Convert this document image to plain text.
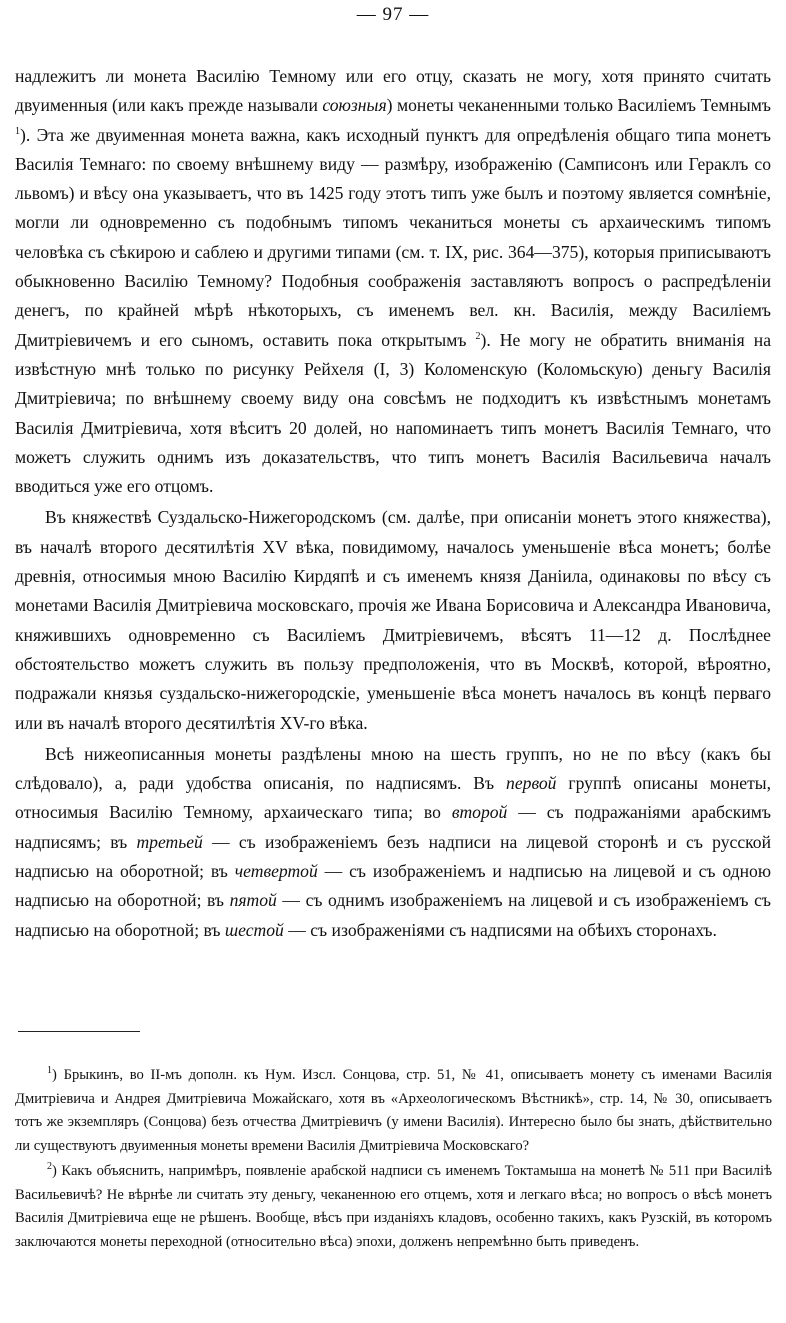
— 97 —

надлежитъ ли монета Василію Темному или его отцу, сказать не могу, хотя принято считать двуименныя (или какъ прежде называли союзныя) монеты чеканенными только Василіемъ Темнымъ $^1$). Эта же двуименная монета важна, какъ исходный пунктъ для опредѣленія общаго типа монетъ Василія Темнаго: по своему внѣшнему виду — размѣру, изображенію (Самписонъ или Гераклъ со львомъ) и вѣсу она указываетъ, что въ 1425 году этотъ типъ уже былъ и поэтому является сомнѣніе, могли ли одновременно съ подобнымъ типомъ чеканиться монеты съ архаическимъ типомъ человѣка съ сѣкирою и саблею и другими типами (см. т. IX, рис. 364—375), которыя приписываютъ обыкновенно Василію Темному? Подобныя соображенія заставляютъ вопросъ о распредѣленіи денегъ, по крайней мѣрѣ нѣкоторыхъ, съ именемъ вел. кн. Василія, между Василіемъ Дмитріевичемъ и его сыномъ, оставить пока открытымъ $^2$). Не могу не обратить вниманія на извѣстную мнѣ только по рисунку Рейхеля (I, 3) Коломенскую (Коломьскую) деньгу Василія Дмитріевича; по внѣшнему своему виду она совсѣмъ не подходитъ къ извѣстнымъ монетамъ Василія Дмитріевича, хотя вѣситъ 20 долей, но напоминаетъ типъ монетъ Василія Темнаго, что можетъ служить однимъ изъ доказательствъ, что типъ монетъ Василія Васильевича началъ вводиться уже его отцомъ.

Въ княжествѣ Суздальско-Нижегородскомъ (см. далѣе, при описаніи монетъ этого княжества), въ началѣ второго десятилѣтія XV вѣка, повидимому, началось уменьшеніе вѣса монетъ; болѣе древнія, относимыя мною Василію Кирдяпѣ и съ именемъ князя Даніила, одинаковы по вѣсу съ монетами Василія Дмитріевича московскаго, прочія же Ивана Борисовича и Александра Ивановича, княжившихъ одновременно съ Василіемъ Дмитріевичемъ, вѣсятъ 11—12 д. Послѣднее обстоятельство можетъ служить въ пользу предположенія, что въ Москвѣ, которой, вѣроятно, подражали князья суздальско-нижегородскіе, уменьшеніе вѣса монетъ началось въ концѣ перваго или въ началѣ второго десятилѣтія XV-го вѣка.

Всѣ нижеописанныя монеты раздѣлены мною на шесть группъ, но не по вѣсу (какъ бы слѣдовало), а, ради удобства описанія, по надписямъ. Въ первой группѣ описаны монеты, относимыя Василію Темному, архаическаго типа; во второй — съ подражаніями арабскимъ надписямъ; въ третьей — съ изображеніемъ безъ надписи на лицевой сторонѣ и съ русской надписью на оборотной; въ четвертой — съ изображеніемъ и надписью на лицевой и съ одною надписью на оборотной; въ пятой — съ однимъ изображеніемъ на лицевой и съ изображеніемъ съ надписью на оборотной; въ шестой — съ изображеніями съ надписями на обѣихъ сторонахъ.

$^1$) Брыкинъ, во II-мъ дополн. къ Нум. Изсл. Сонцова, стр. 51, № 41, описываетъ монету съ именами Василія Дмитріевича и Андрея Дмитріевича Можайскаго, хотя въ «Археологическомъ Вѣстникѣ», стр. 14, № 30, описываетъ тотъ же экземпляръ (Сонцова) безъ отчества Дмитріевичъ (у имени Василія). Интересно было бы знать, дѣйствительно ли существуютъ двуименныя монеты времени Василія Дмитріевича Московскаго?

$^2$) Какъ объяснить, напримѣръ, появленіе арабской надписи съ именемъ Токтамыша на монетѣ № 511 при Василіѣ Васильевичѣ? Не вѣрнѣе ли считать эту деньгу, чеканенною его отцемъ, хотя и легкаго вѣса; но вопросъ о вѣсѣ монетъ Василія Дмитріевича еще не рѣшенъ. Вообще, вѣсъ при изданіяхъ кладовъ, особенно такихъ, какъ Рузскій, въ которомъ заключаются монеты переходной (относительно вѣса) эпохи, долженъ непремѣнно быть приведенъ.
